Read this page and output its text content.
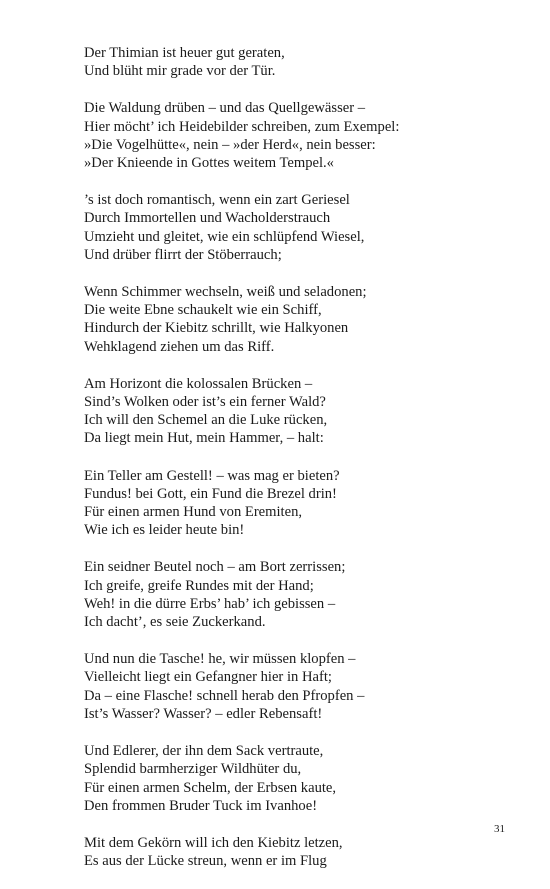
Der Thimian ist heuer gut geraten,
Und blüht mir grade vor der Tür.
Die Waldung drüben – und das Quellgewässer –
Hier möcht’ ich Heidebilder schreiben, zum Exempel:
»Die Vogelhütte«, nein – »der Herd«, nein besser:
»Der Knieende in Gottes weitem Tempel.«
’s ist doch romantisch, wenn ein zart Geriesel
Durch Immortellen und Wacholderstrauch
Umzieht und gleitet, wie ein schlüpfend Wiesel,
Und drüber flirrt der Stöberrauch;
Wenn Schimmer wechseln, weiß und seladonen;
Die weite Ebne schaukelt wie ein Schiff,
Hindurch der Kiebitz schrillt, wie Halkyonen
Wehklagend ziehen um das Riff.
Am Horizont die kolossalen Brücken –
Sind’s Wolken oder ist’s ein ferner Wald?
Ich will den Schemel an die Luke rücken,
Da liegt mein Hut, mein Hammer, – halt:
Ein Teller am Gestell! – was mag er bieten?
Fundus! bei Gott, ein Fund die Brezel drin!
Für einen armen Hund von Eremiten,
Wie ich es leider heute bin!
Ein seidner Beutel noch – am Bort zerrissen;
Ich greife, greife Rundes mit der Hand;
Weh! in die dürre Erbs’ hab’ ich gebissen –
Ich dacht’, es seie Zuckerkand.
Und nun die Tasche! he, wir müssen klopfen –
Vielleicht liegt ein Gefangner hier in Haft;
Da – eine Flasche! schnell herab den Pfropfen –
Ist’s Wasser? Wasser? – edler Rebensaft!
Und Edlerer, der ihn dem Sack vertraute,
Splendid barmherziger Wildhüter du,
Für einen armen Schelm, der Erbsen kaute,
Den frommen Bruder Tuck im Ivanhoe!
Mit dem Gekörn will ich den Kiebitz letzen,
Es aus der Lücke streun, wenn er im Flug
31
